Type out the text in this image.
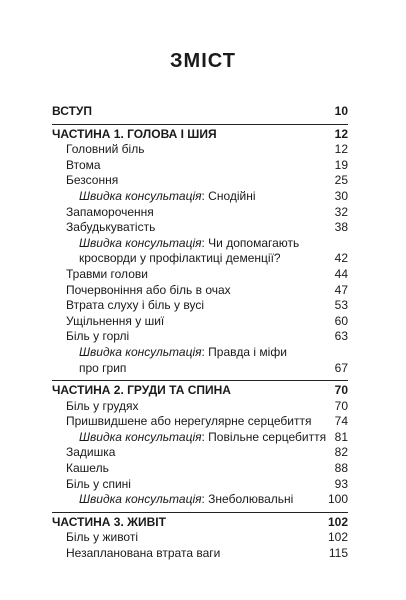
ЗМІСТ
ВСТУП	10
ЧАСТИНА 1. ГОЛОВА І ШИЯ	12
Головний біль	12
Втома	19
Безсоння	25
Швидка консультація: Снодійні	30
Запаморочення	32
Забудькуватість	38
Швидка консультація: Чи допомагають
кросворди у профілактиці деменції?	42
Травми голови	44
Почервоніння або біль в очах	47
Втрата слуху і біль у вусі	53
Ущільнення у шиї	60
Біль у горлі	63
Швидка консультація: Правда і міфи
про грип	67
ЧАСТИНА 2. ГРУДИ ТА СПИНА	70
Біль у грудях	70
Пришвидшене або нерегулярне серцебиття 74
Швидка консультація: Повільне серцебиття 81
Задишка	82
Кашель	88
Біль у спині	93
Швидка консультація: Знеболювальні	100
ЧАСТИНА 3. ЖИВІТ	102
Біль у животі	102
Незапланована втрата ваги	115
